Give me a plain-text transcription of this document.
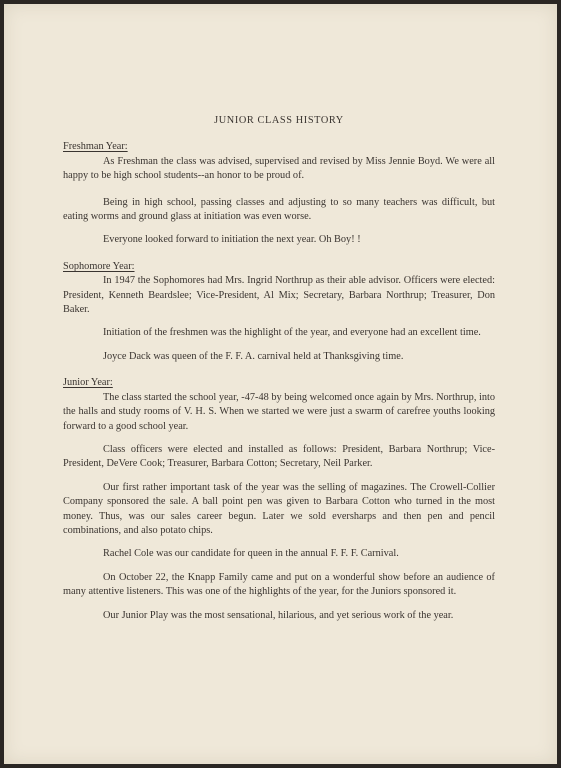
JUNIOR CLASS HISTORY

Freshman Year:

As Freshman the class was advised, supervised and revised by Miss Jennie Boyd. We were all happy to be high school students--an honor to be proud of.

Being in high school, passing classes and adjusting to so many teachers was difficult, but eating worms and ground glass at initiation was even worse.

Everyone looked forward to initiation the next year. Oh Boy! !

Sophomore Year:

In 1947 the Sophomores had Mrs. Ingrid Northrup as their able advisor. Officers were elected: President, Kenneth Beardslee; Vice-President, Al Mix; Secretary, Barbara Northrup; Treasurer, Don Baker.

Initiation of the freshmen was the highlight of the year, and everyone had an excellent time.

Joyce Dack was queen of the F. F. A. carnival held at Thanksgiving time.

Junior Year:

The class started the school year, -47-48 by being welcomed once again by Mrs. Northrup, into the halls and study rooms of V. H. S. When we started we were just a swarm of carefree youths looking forward to a good school year.

Class officers were elected and installed as follows: President, Barbara Northrup; Vice-President, DeVere Cook; Treasurer, Barbara Cotton; Secretary, Neil Parker.

Our first rather important task of the year was the selling of magazines. The Crowell-Collier Company sponsored the sale. A ball point pen was given to Barbara Cotton who turned in the most money. Thus, was our sales career begun. Later we sold eversharps and then pen and pencil combinations, and also potato chips.

Rachel Cole was our candidate for queen in the annual F. F. F. Carnival.

On October 22, the Knapp Family came and put on a wonderful show before an audience of many attentive listeners. This was one of the highlights of the year, for the Juniors sponsored it.

Our Junior Play was the most sensational, hilarious, and yet serious work of the year.
